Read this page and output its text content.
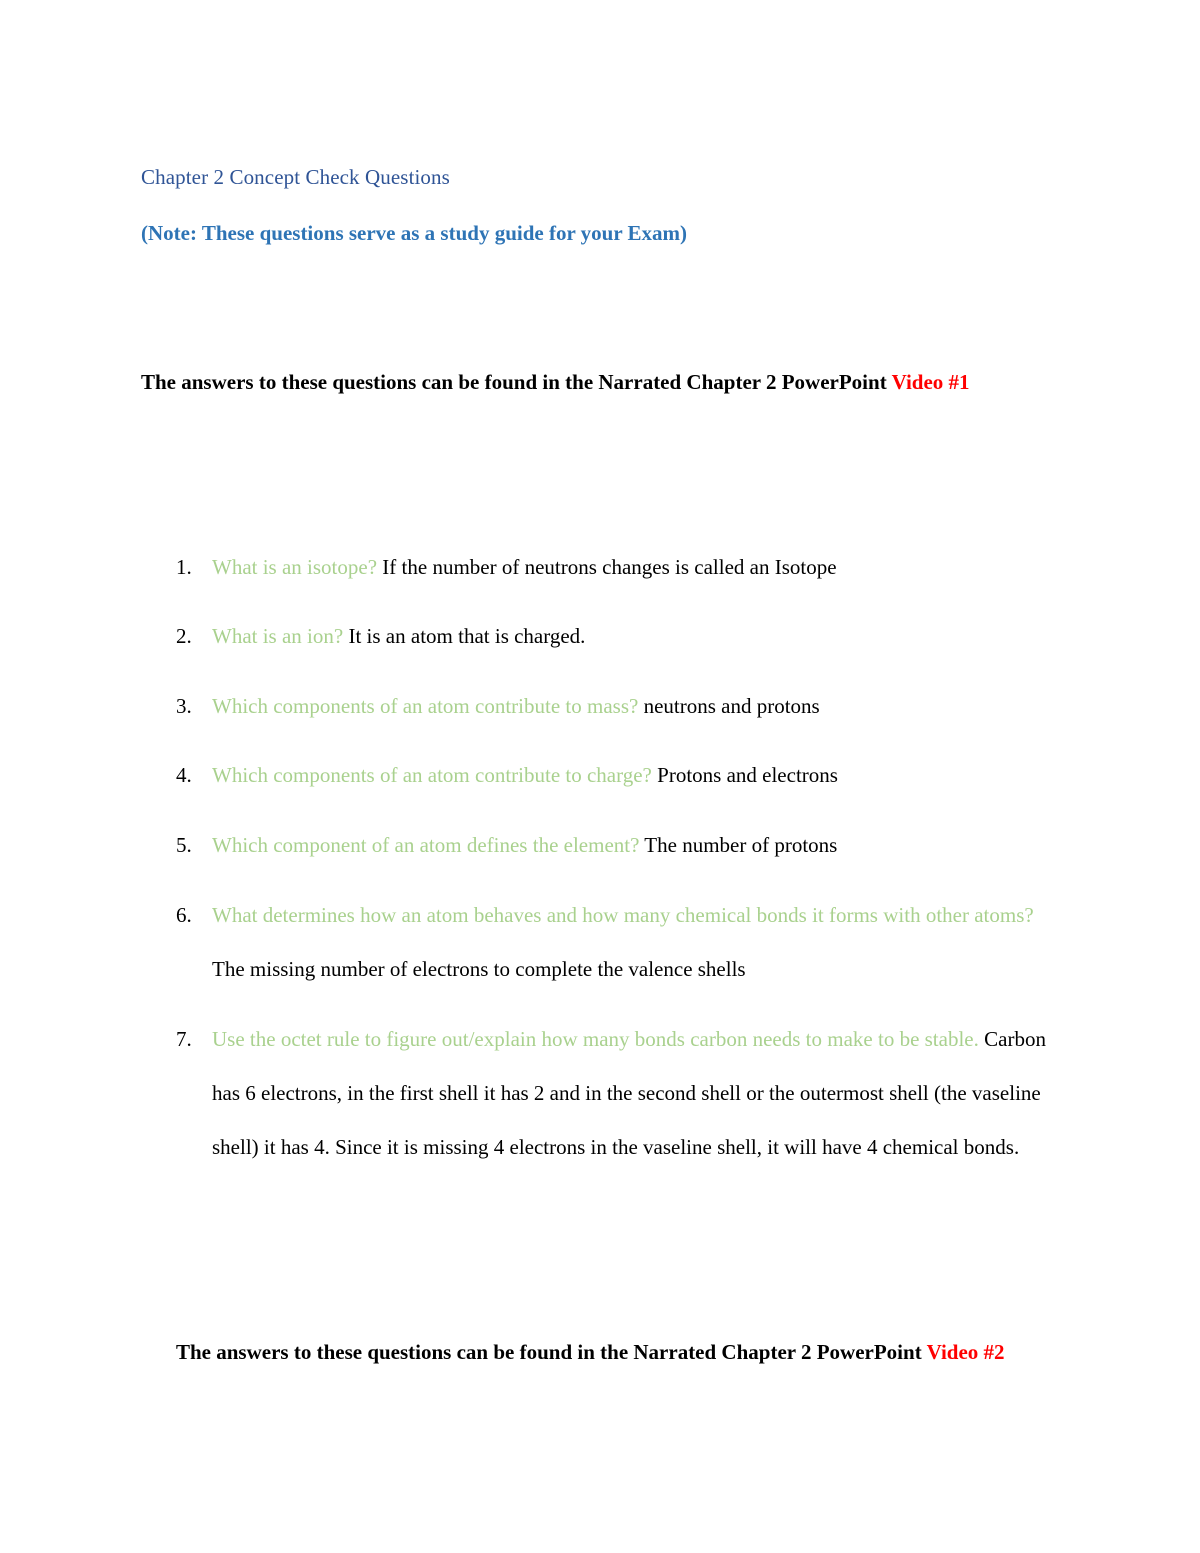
Chapter 2 Concept Check Questions
(Note: These questions serve as a study guide for your Exam)
The answers to these questions can be found in the Narrated Chapter 2 PowerPoint Video #1
1. What is an isotope? If the number of neutrons changes is called an Isotope
2. What is an ion? It is an atom that is charged.
3. Which components of an atom contribute to mass? neutrons and protons
4. Which components of an atom contribute to charge? Protons and electrons
5. Which component of an atom defines the element? The number of protons
6. What determines how an atom behaves and how many chemical bonds it forms with other atoms? The missing number of electrons to complete the valence shells
7. Use the octet rule to figure out/explain how many bonds carbon needs to make to be stable. Carbon has 6 electrons, in the first shell it has 2 and in the second shell or the outermost shell (the vaseline shell) it has 4. Since it is missing 4 electrons in the vaseline shell, it will have 4 chemical bonds.
The answers to these questions can be found in the Narrated Chapter 2 PowerPoint Video #2
